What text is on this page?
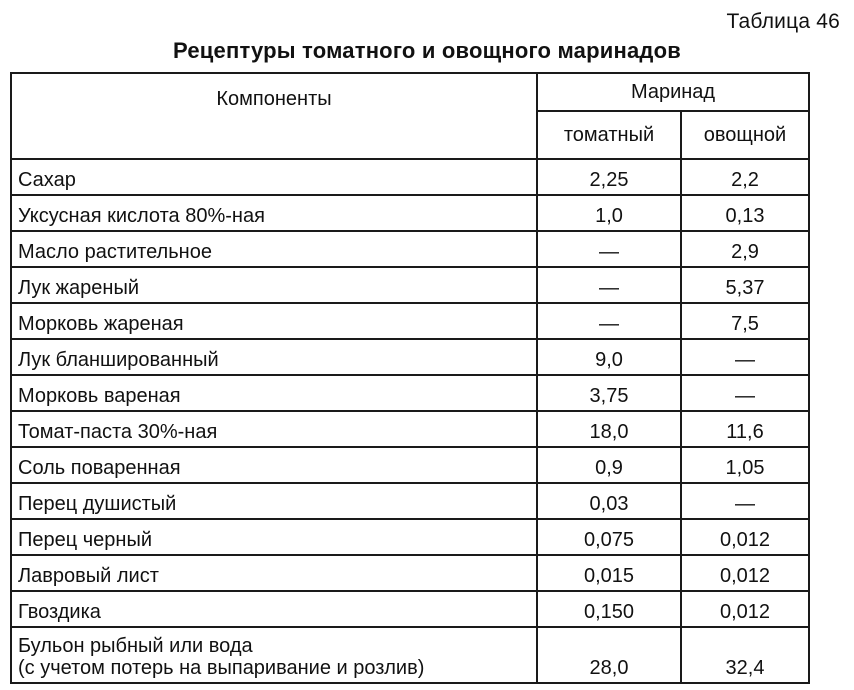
Таблица 46
Рецептуры томатного и овощного маринадов
Компоненты	Маринад	
	томатный	овощной
Сахар	2,25	2,2
Уксусная кислота 80%-ная	1,0	0,13
Масло растительное	—	2,9
Лук жареный	—	5,37
Морковь жареная	—	7,5
Лук бланшированный	9,0	—
Морковь вареная	3,75	—
Томат-паста 30%-ная	18,0	11,6
Соль поваренная	0,9	1,05
Перец душистый	0,03	—
Перец черный	0,075	0,012
Лавровый лист	0,015	0,012
Гвоздика	0,150	0,012
Бульон рыбный или вода
(с учетом потерь на выпаривание и розлив)	28,0	32,4
